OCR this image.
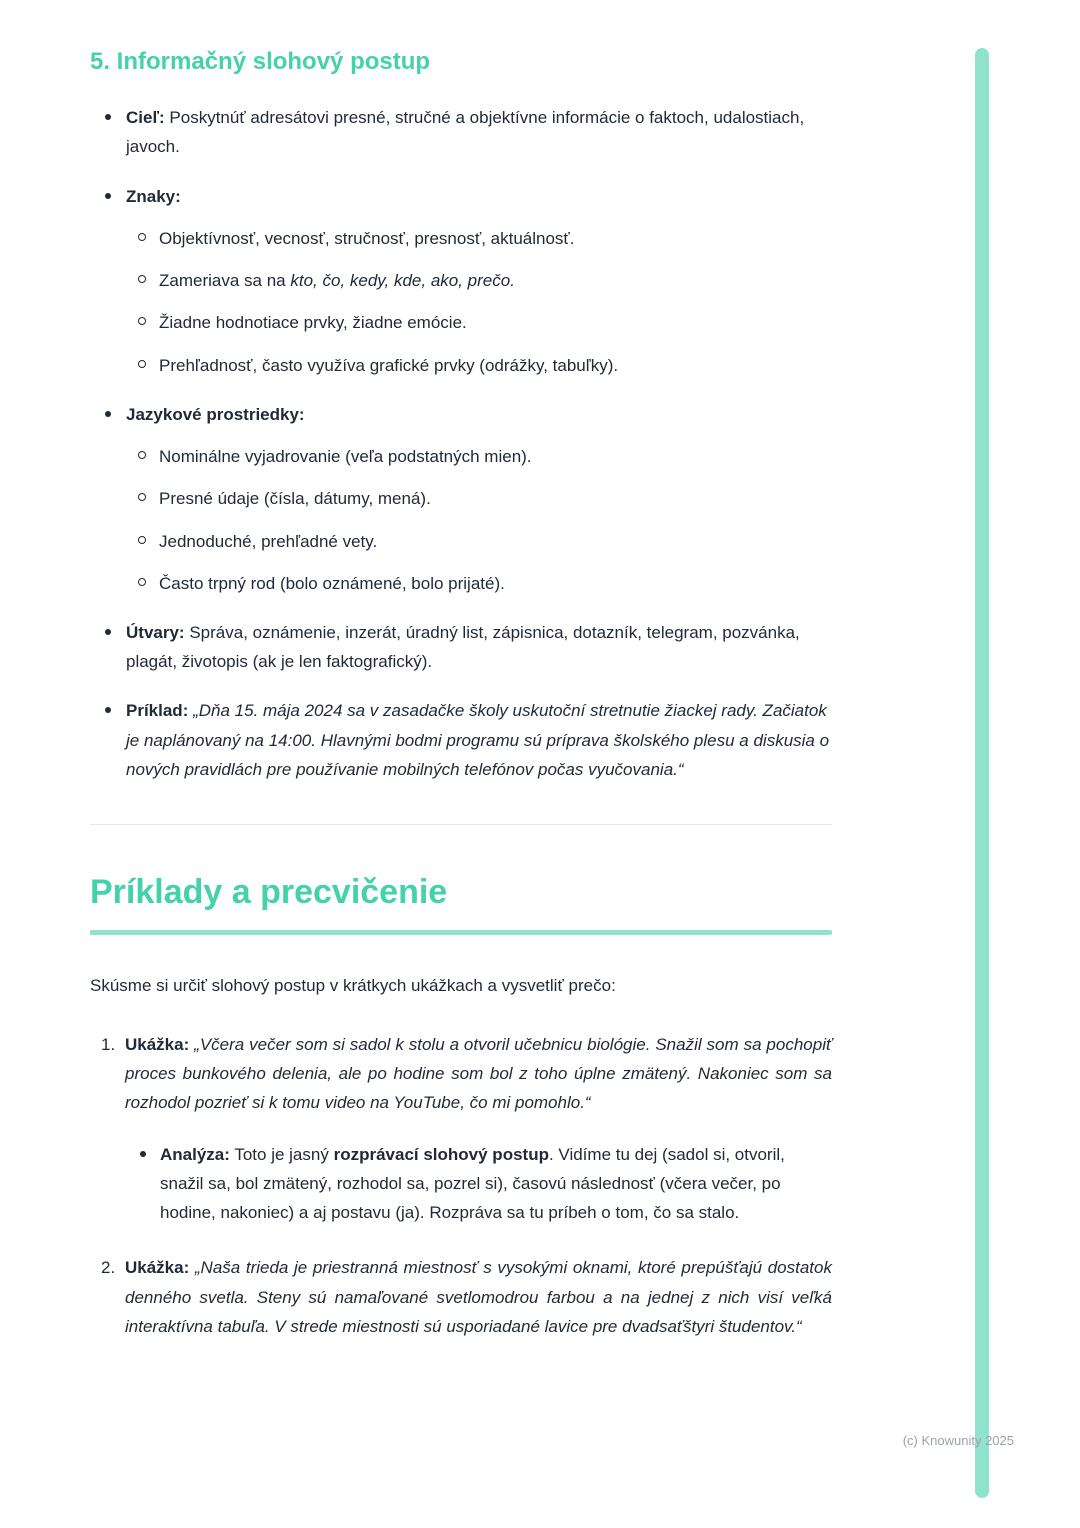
5. Informačný slohový postup
Cieľ: Poskytnúť adresátovi presné, stručné a objektívne informácie o faktoch, udalostiach, javoch.
Znaky:
Objektívnosť, vecnosť, stručnosť, presnosť, aktuálnosť.
Zameriava sa na kto, čo, kedy, kde, ako, prečo.
Žiadne hodnotiace prvky, žiadne emócie.
Prehľadnosť, často využíva grafické prvky (odrážky, tabuľky).
Jazykové prostriedky:
Nominálne vyjadrovanie (veľa podstatných mien).
Presné údaje (čísla, dátumy, mená).
Jednoduché, prehľadné vety.
Často trpný rod (bolo oznámené, bolo prijaté).
Útvary: Správa, oznámenie, inzerát, úradný list, zápisnica, dotazník, telegram, pozvánka, plagát, životopis (ak je len faktografický).
Príklad: „Dňa 15. mája 2024 sa v zasadačke školy uskutoční stretnutie žiackej rady. Začiatok je naplánovaný na 14:00. Hlavnými bodmi programu sú príprava školského plesu a diskusia o nových pravidlách pre používanie mobilných telefónov počas vyučovania.“
Príklady a precvičenie

Skúsme si určiť slohový postup v krátkych ukážkach a vysvetliť prečo:

1. Ukážka: „Včera večer som si sadol k stolu a otvoril učebnicu biológie. Snažil som sa pochopiť proces bunkového delenia, ale po hodine som bol z toho úplne zmätený. Nakoniec som sa rozhodol pozrieť si k tomu video na YouTube, čo mi pomohlo.“
Analýza: Toto je jasný rozprávací slohový postup. Vidíme tu dej (sadol si, otvoril, snažil sa, bol zmätený, rozhodol sa, pozrel si), časovú následnosť (včera večer, po hodine, nakoniec) a aj postavu (ja). Rozpráva sa tu príbeh o tom, čo sa stalo.
2. Ukážka: „Naša trieda je priestranná miestnosť s vysokými oknami, ktoré prepúšťajú dostatok denného svetla. Steny sú namaľované svetlomodrou farbou a na jednej z nich visí veľká interaktívna tabuľa. V strede miestnosti sú usporiadané lavice pre dvadsaťštyri študentov.“
(c) Knowunity 2025
